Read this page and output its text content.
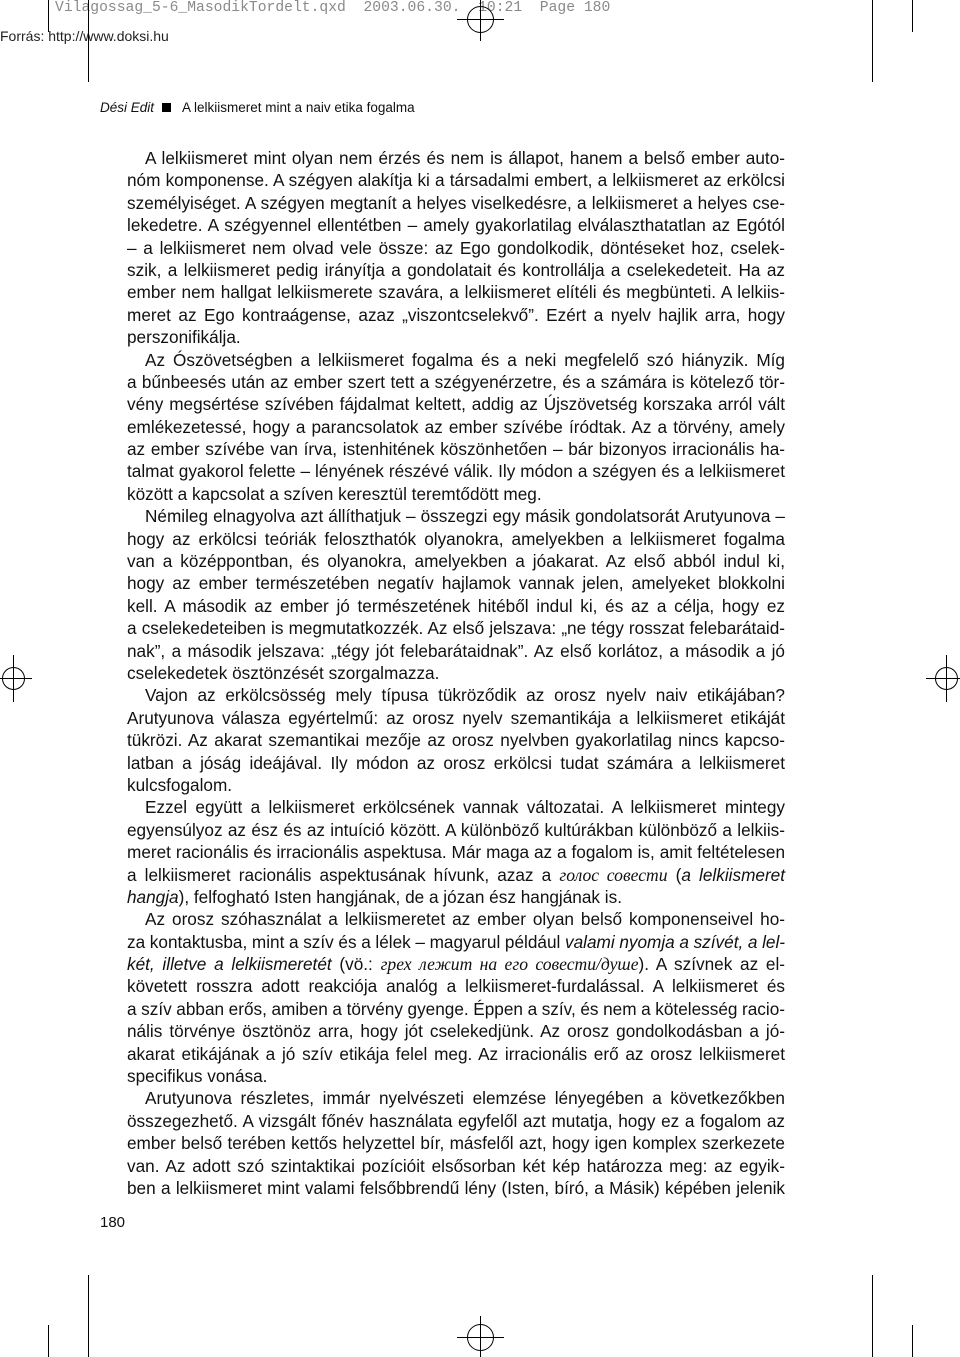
Vilagossag_5-6_MasodikTordelt.qxd  2003.06.30.  10:21  Page 180
Forrás: http://www.doksi.hu
Dési Edit A lelkiismeret mint a naiv etika fogalma
A lelkiismeret mint olyan nem érzés és nem is állapot, hanem a belső ember auto-
nóm komponense. A szégyen alakítja ki a társadalmi embert, a lelkiismeret az erkölcsi
személyiséget. A szégyen megtanít a helyes viselkedésre, a lelkiismeret a helyes cse-
lekedetre. A szégyennel ellentétben – amely gyakorlatilag elválaszthatatlan az Egótól
– a lelkiismeret nem olvad vele össze: az Ego gondolkodik, döntéseket hoz, cselek-
szik, a lelkiismeret pedig irányítja a gondolatait és kontrollálja a cselekedeteit. Ha az
ember nem hallgat lelkiismerete szavára, a lelkiismeret elítéli és megbünteti. A lelkiis-
meret az Ego kontraágense, azaz „viszontcselekvő”. Ezért a nyelv hajlik arra, hogy
perszonifikálja.
Az Ószövetségben a lelkiismeret fogalma és a neki megfelelő szó hiányzik. Míg
a bűnbeesés után az ember szert tett a szégyenérzetre, és a számára is kötelező tör-
vény megsértése szívében fájdalmat keltett, addig az Újszövetség korszaka arról vált
emlékezetessé, hogy a parancsolatok az ember szívébe íródtak. Az a törvény, amely
az ember szívébe van írva, istenhitének köszönhetően – bár bizonyos irracionális ha-
talmat gyakorol felette – lényének részévé válik. Ily módon a szégyen és a lelkiismeret
között a kapcsolat a szíven keresztül teremtődött meg.
Némileg elnagyolva azt állíthatjuk – összegzi egy másik gondolatsorát Arutyunova –
hogy az erkölcsi teóriák feloszthatók olyanokra, amelyekben a lelkiismeret fogalma
van a középpontban, és olyanokra, amelyekben a jóakarat. Az első abból indul ki,
hogy az ember természetében negatív hajlamok vannak jelen, amelyeket blokkolni
kell. A második az ember jó természetének hitéből indul ki, és az a célja, hogy ez
a cselekedeteiben is megmutatkozzék. Az első jelszava: „ne tégy rosszat felebarátaid-
nak”, a második jelszava: „tégy jót felebarátaidnak”. Az első korlátoz, a második a jó
cselekedetek ösztönzését szorgalmazza.
Vajon az erkölcsösség mely típusa tükröződik az orosz nyelv naiv etikájában?
Arutyunova válasza egyértelmű: az orosz nyelv szemantikája a lelkiismeret etikáját
tükrözi. Az akarat szemantikai mezője az orosz nyelvben gyakorlatilag nincs kapcso-
latban a jóság ideájával. Ily módon az orosz erkölcsi tudat számára a lelkiismeret
kulcsfogalom.
Ezzel együtt a lelkiismeret erkölcsének vannak változatai. A lelkiismeret mintegy
egyensúlyoz az ész és az intuíció között. A különböző kultúrákban különböző a lelkiis-
meret racionális és irracionális aspektusa. Már maga az a fogalom is, amit feltételesen
a lelkiismeret racionális aspektusának hívunk, azaz a голос совести (a lelkiismeret
hangja), felfogható Isten hangjának, de a józan ész hangjának is.
Az orosz szóhasználat a lelkiismeretet az ember olyan belső komponenseivel ho-
za kontaktusba, mint a szív és a lélek – magyarul például valami nyomja a szívét, a lel-
két, illetve a lelkiismeretét (vö.: грех лежит на его совести/душе). A szívnek az el-
követett rosszra adott reakciója analóg a lelkiismeret-furdalással. A lelkiismeret és
a szív abban erős, amiben a törvény gyenge. Éppen a szív, és nem a kötelesség racio-
nális törvénye ösztönöz arra, hogy jót cselekedjünk. Az orosz gondolkodásban a jó-
akarat etikájának a jó szív etikája felel meg. Az irracionális erő az orosz lelkiismeret
specifikus vonása.
Arutyunova részletes, immár nyelvészeti elemzése lényegében a következőkben
összegezhető. A vizsgált főnév használata egyfelől azt mutatja, hogy ez a fogalom az
ember belső terében kettős helyzettel bír, másfelől azt, hogy igen komplex szerkezete
van. Az adott szó szintaktikai pozícióit elsősorban két kép határozza meg: az egyik-
ben a lelkiismeret mint valami felsőbbrendű lény (Isten, bíró, a Másik) képében jelenik
180
